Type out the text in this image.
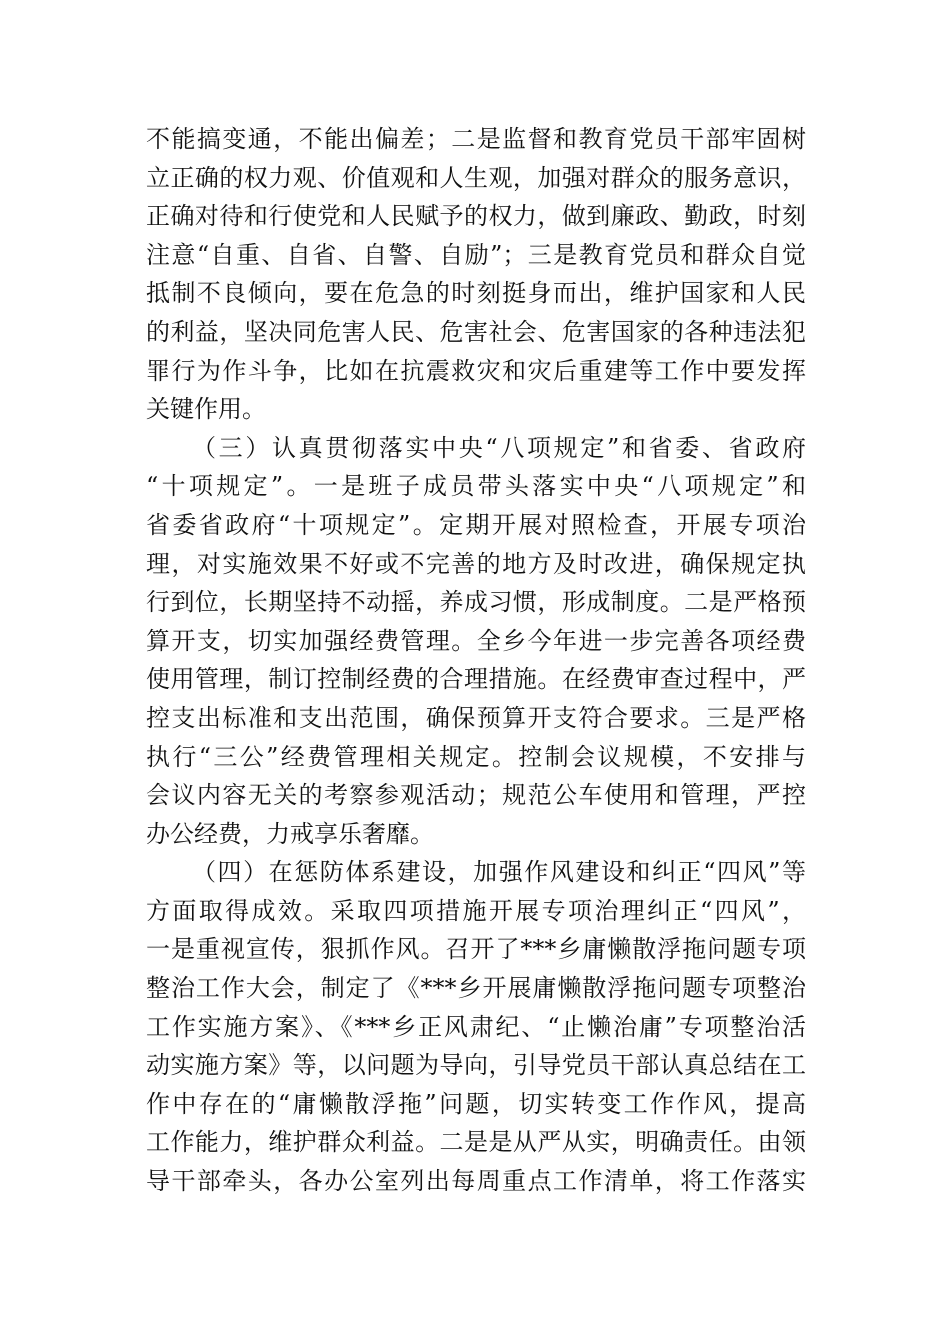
不能搞变通，不能出偏差；二是监督和教育党员干部牢固树
立正确的权力观、价值观和人生观，加强对群众的服务意识，
正确对待和行使党和人民赋予的权力，做到廉政、勤政，时刻
注意“自重、自省、自警、自励”；三是教育党员和群众自觉
抵制不良倾向，要在危急的时刻挺身而出，维护国家和人民
的利益，坚决同危害人民、危害社会、危害国家的各种违法犯
罪行为作斗争，比如在抗震救灾和灾后重建等工作中要发挥
关键作用。
（三）认真贯彻落实中央“八项规定”和省委、省政府
“十项规定”。一是班子成员带头落实中央“八项规定”和
省委省政府“十项规定”。定期开展对照检查，开展专项治
理，对实施效果不好或不完善的地方及时改进，确保规定执
行到位，长期坚持不动摇，养成习惯，形成制度。二是严格预
算开支，切实加强经费管理。全乡今年进一步完善各项经费
使用管理，制订控制经费的合理措施。在经费审查过程中，严
控支出标准和支出范围，确保预算开支符合要求。三是严格
执行“三公”经费管理相关规定。控制会议规模，不安排与
会议内容无关的考察参观活动；规范公车使用和管理，严控
办公经费，力戒享乐奢靡。
（四）在惩防体系建设，加强作风建设和纠正“四风”等
方面取得成效。采取四项措施开展专项治理纠正“四风”，
一是重视宣传，狠抓作风。召开了***乡庸懒散浮拖问题专项
整治工作大会，制定了《***乡开展庸懒散浮拖问题专项整治
工作实施方案》、《***乡正风肃纪、“止懒治庸”专项整治活
动实施方案》等，以问题为导向，引导党员干部认真总结在工
作中存在的“庸懒散浮拖”问题，切实转变工作作风，提高
工作能力，维护群众利益。二是是从严从实，明确责任。由领
导干部牵头，各办公室列出每周重点工作清单，将工作落实
